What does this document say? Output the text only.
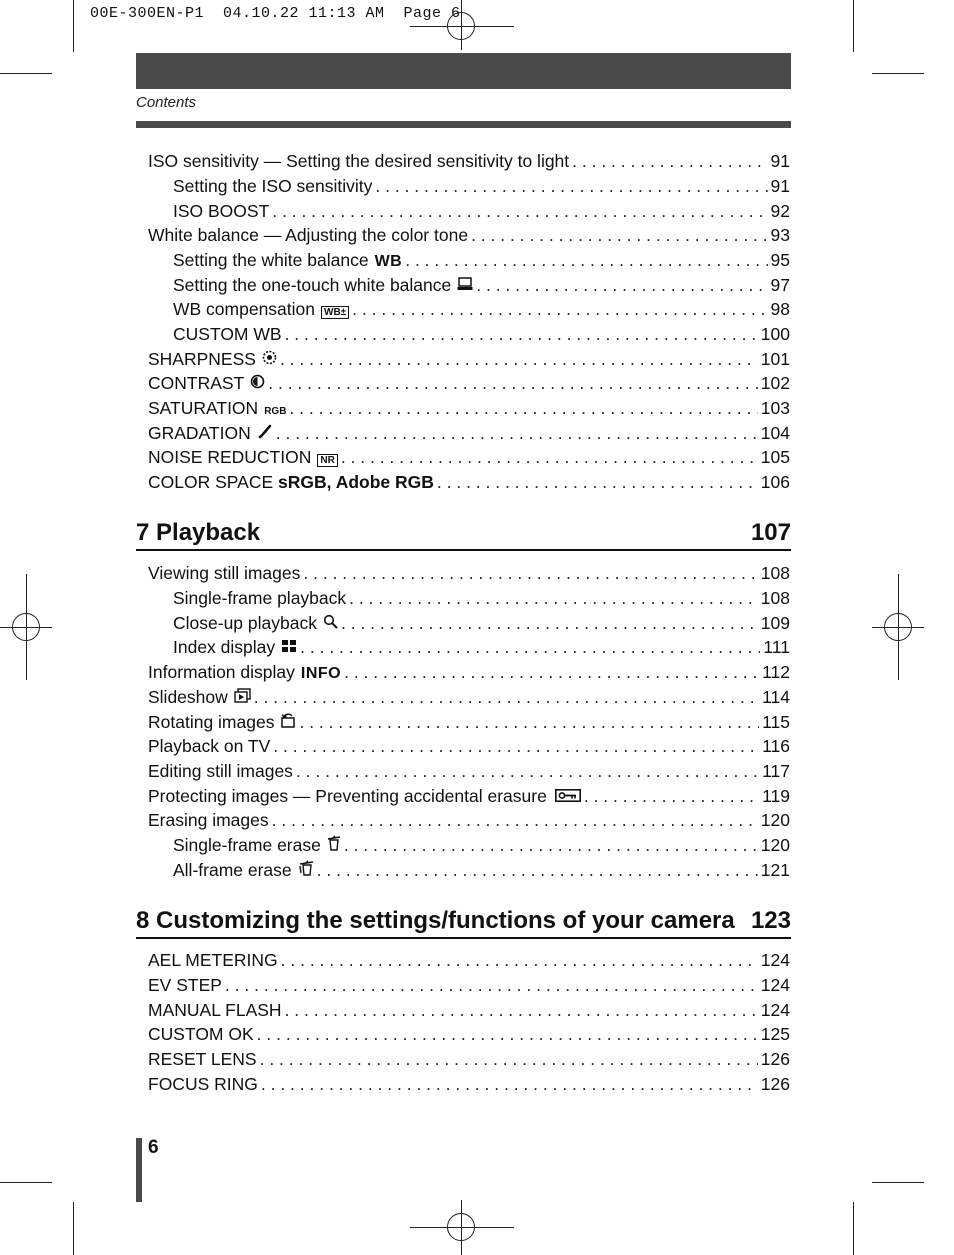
00E-300EN-P1  04.10.22 11:13 AM  Page 6
Contents
ISO sensitivity — Setting the desired sensitivity to light . . .	91
Setting the ISO sensitivity . . .	91
ISO BOOST . . .	92
White balance — Adjusting the color tone . . .	93
Setting the white balance WB . . .	95
Setting the one-touch white balance . . .	97
WB compensation WB± . . .	98
CUSTOM WB . . .	100
SHARPNESS . . .	101
CONTRAST . . .	102
SATURATION RGB . . .	103
GRADATION . . .	104
NOISE REDUCTION NR . . .	105
COLOR SPACE sRGB, Adobe RGB . . .	106
7 Playback	107
Viewing still images . . .	108
Single-frame playback . . .	108
Close-up playback . . .	109
Index display . . .	111
Information display INFO . . .	112
Slideshow . . .	114
Rotating images . . .	115
Playback on TV . . .	116
Editing still images . . .	117
Protecting images — Preventing accidental erasure . . .	119
Erasing images . . .	120
Single-frame erase . . .	120
All-frame erase . . .	121
8 Customizing the settings/functions of your camera 123
AEL METERING . . .	124
EV STEP . . .	124
MANUAL FLASH . . .	124
CUSTOM OK . . .	125
RESET LENS . . .	126
FOCUS RING . . .	126
6
